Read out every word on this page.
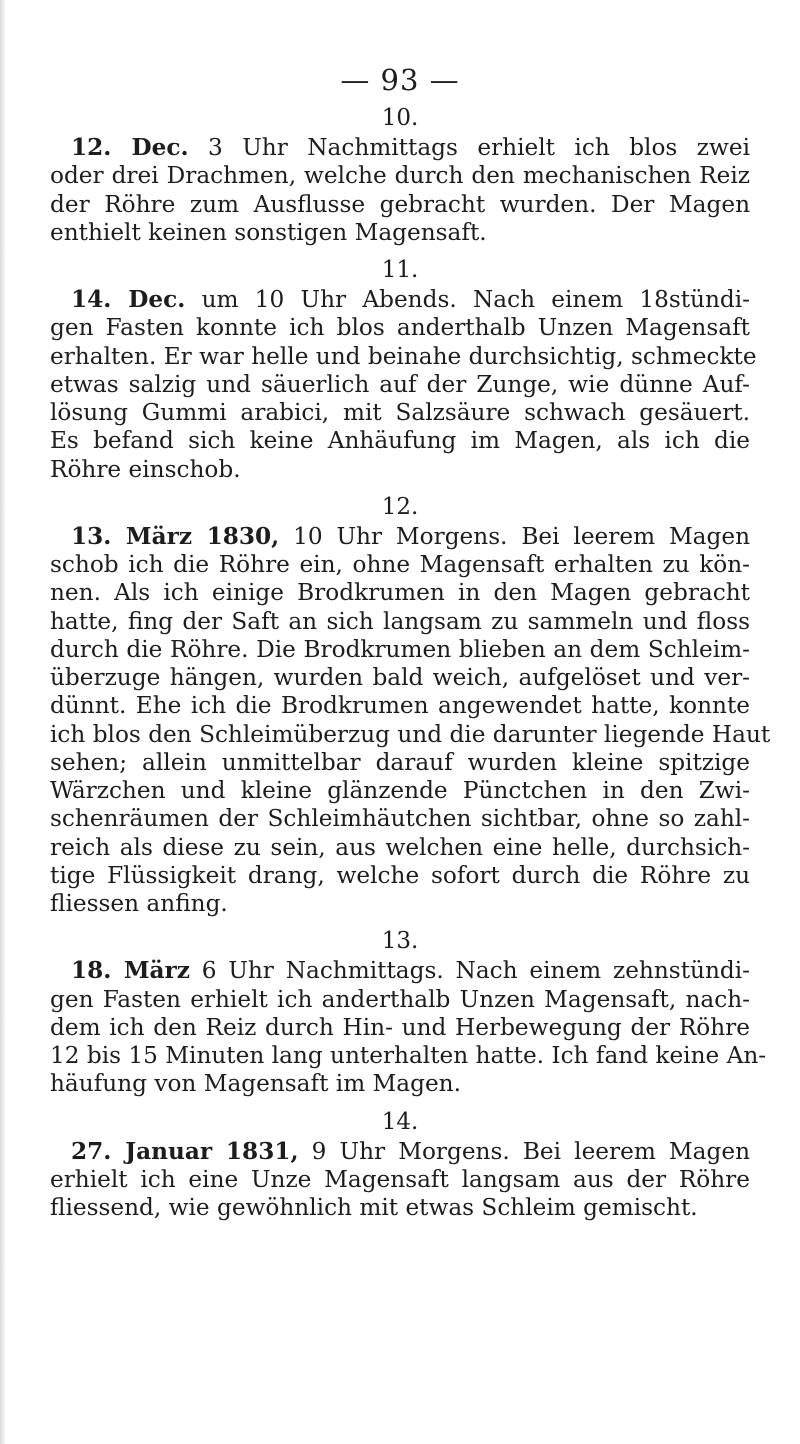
— 93 —
10.
12. Dec. 3 Uhr Nachmittags erhielt ich blos zwei
oder drei Drachmen, welche durch den mechanischen Reiz
der Röhre zum Ausflusse gebracht wurden. Der Magen
enthielt keinen sonstigen Magensaft.
11.
14. Dec. um 10 Uhr Abends. Nach einem 18stündi-
gen Fasten konnte ich blos anderthalb Unzen Magensaft
erhalten. Er war helle und beinahe durchsichtig, schmeckte
etwas salzig und säuerlich auf der Zunge, wie dünne Auf-
lösung Gummi arabici, mit Salzsäure schwach gesäuert.
Es befand sich keine Anhäufung im Magen, als ich die
Röhre einschob.
12.
13. März 1830, 10 Uhr Morgens. Bei leerem Magen
schob ich die Röhre ein, ohne Magensaft erhalten zu kön-
nen. Als ich einige Brodkrumen in den Magen gebracht
hatte, fing der Saft an sich langsam zu sammeln und floss
durch die Röhre. Die Brodkrumen blieben an dem Schleim-
überzuge hängen, wurden bald weich, aufgelöset und ver-
dünnt. Ehe ich die Brodkrumen angewendet hatte, konnte
ich blos den Schleimüberzug und die darunter liegende Haut
sehen; allein unmittelbar darauf wurden kleine spitzige
Wärzchen und kleine glänzende Pünctchen in den Zwi-
schenräumen der Schleimhäutchen sichtbar, ohne so zahl-
reich als diese zu sein, aus welchen eine helle, durchsich-
tige Flüssigkeit drang, welche sofort durch die Röhre zu
fliessen anfing.
13.
18. März 6 Uhr Nachmittags. Nach einem zehnstündi-
gen Fasten erhielt ich anderthalb Unzen Magensaft, nach-
dem ich den Reiz durch Hin- und Herbewegung der Röhre
12 bis 15 Minuten lang unterhalten hatte. Ich fand keine An-
häufung von Magensaft im Magen.
14.
27. Januar 1831, 9 Uhr Morgens. Bei leerem Magen
erhielt ich eine Unze Magensaft langsam aus der Röhre
fliessend, wie gewöhnlich mit etwas Schleim gemischt.
